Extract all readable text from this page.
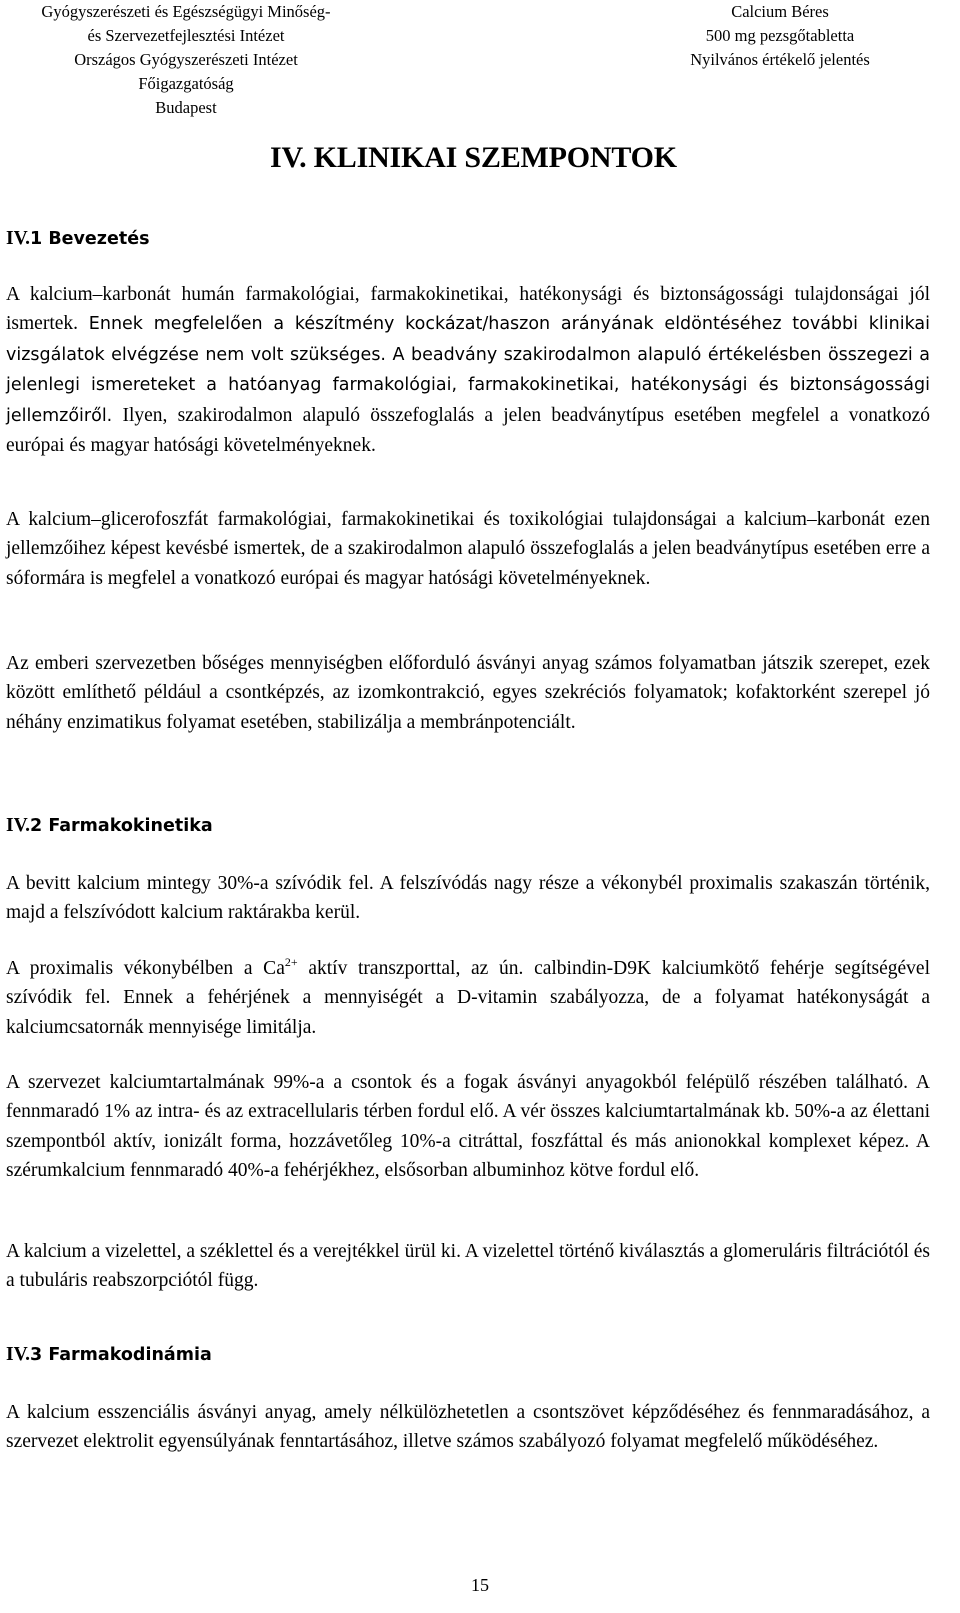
Gyógyszerészeti és Egészségügyi Minőség-
és Szervezetfejlesztési Intézet
Országos Gyógyszerészeti Intézet
Főigazgatóság
Budapest
Calcium Béres
500 mg pezsgőtabletta
Nyilvános értékelő jelentés
IV. KLINIKAI SZEMPONTOK
IV.1 Bevezetés
A kalcium–karbonát humán farmakológiai, farmakokinetikai, hatékonysági és biztonságossági tulajdonságai jól ismertek. Ennek megfelelően a készítmény kockázat/haszon arányának eldöntéséhez további klinikai vizsgálatok elvégzése nem volt szükséges. A beadvány szakirodalmon alapuló értékelésben összegezi a jelenlegi ismereteket a hatóanyag farmakológiai, farmakokinetikai, hatékonysági és biztonságossági jellemzőiről. Ilyen, szakirodalmon alapuló összefoglalás a jelen beadványtípus esetében megfelel a vonatkozó európai és magyar hatósági követelményeknek.
A kalcium–glicerofoszfát farmakológiai, farmakokinetikai és toxikológiai tulajdonságai a kalcium–karbonát ezen jellemzőihez képest kevésbé ismertek, de a szakirodalmon alapuló összefoglalás a jelen beadványtípus esetében erre a sóformára is megfelel a vonatkozó európai és magyar hatósági követelményeknek.
Az emberi szervezetben bőséges mennyiségben előforduló ásványi anyag számos folyamatban játszik szerepet, ezek között említhető például a csontképzés, az izomkontrakció, egyes szekréciós folyamatok; kofaktorként szerepel jó néhány enzimatikus folyamat esetében, stabilizálja a membránpotenciált.
IV.2 Farmakokinetika
A bevitt kalcium mintegy 30%-a szívódik fel. A felszívódás nagy része a vékonybél proximalis szakaszán történik, majd a felszívódott kalcium raktárakba kerül.
A proximalis vékonybélben a $Ca^{2+}$ aktív transzporttal, az ún. calbindin-D9K kalciumkötő fehérje segítségével szívódik fel. Ennek a fehérjének a mennyiségét a D-vitamin szabályozza, de a folyamat hatékonyságát a kalciumcsatornák mennyisége limitálja.
A szervezet kalciumtartalmának 99%-a a csontok és a fogak ásványi anyagokból felépülő részében található. A fennmaradó 1% az intra- és az extracellularis térben fordul elő. A vér összes kalciumtartalmának kb. 50%-a az élettani szempontból aktív, ionizált forma, hozzávetőleg 10%-a citráttal, foszfáttal és más anionokkal komplexet képez. A szérumkalcium fennmaradó 40%-a fehérjékhez, elsősorban albuminhoz kötve fordul elő.
A kalcium a vizelettel, a széklettel és a verejtékkel ürül ki. A vizelettel történő kiválasztás a glomeruláris filtrációtól és a tubuláris reabszorpciótól függ.
IV.3 Farmakodinámia
A kalcium esszenciális ásványi anyag, amely nélkülözhetetlen a csontszövet képződéséhez és fennmaradásához, a szervezet elektrolit egyensúlyának fenntartásához, illetve számos szabályozó folyamat megfelelő működéséhez.
15
